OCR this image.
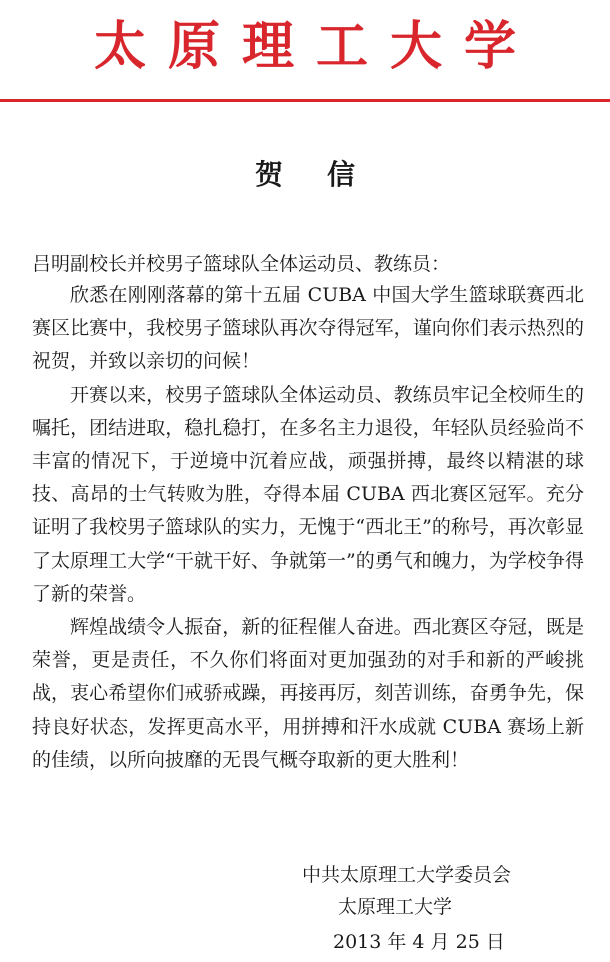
太原理工大学
贺信
吕明副校长并校男子篮球队全体运动员、教练员：

欣悉在刚刚落幕的第十五届 CUBA 中国大学生篮球联赛西北赛区比赛中，我校男子篮球队再次夺得冠军，谨向你们表示热烈的祝贺，并致以亲切的问候！

开赛以来，校男子篮球队全体运动员、教练员牢记全校师生的嘱托，团结进取，稳扎稳打，在多名主力退役，年轻队员经验尚不丰富的情况下，于逆境中沉着应战，顽强拼搏，最终以精湛的球技、高昂的士气转败为胜，夺得本届 CUBA 西北赛区冠军。充分证明了我校男子篮球队的实力，无愧于“西北王”的称号，再次彰显了太原理工大学“干就干好、争就第一”的勇气和魄力，为学校争得了新的荣誉。

辉煌战绩令人振奋，新的征程催人奋进。西北赛区夺冠，既是荣誉，更是责任，不久你们将面对更加强劲的对手和新的严峻挑战，衷心希望你们戒骄戒躁，再接再厉，刻苦训练，奋勇争先，保持良好状态，发挥更高水平，用拼搏和汗水成就 CUBA 赛场上新的佳绩，以所向披靡的无畏气概夺取新的更大胜利！

中共太原理工大学委员会
太原理工大学
2013 年 4 月 25 日
